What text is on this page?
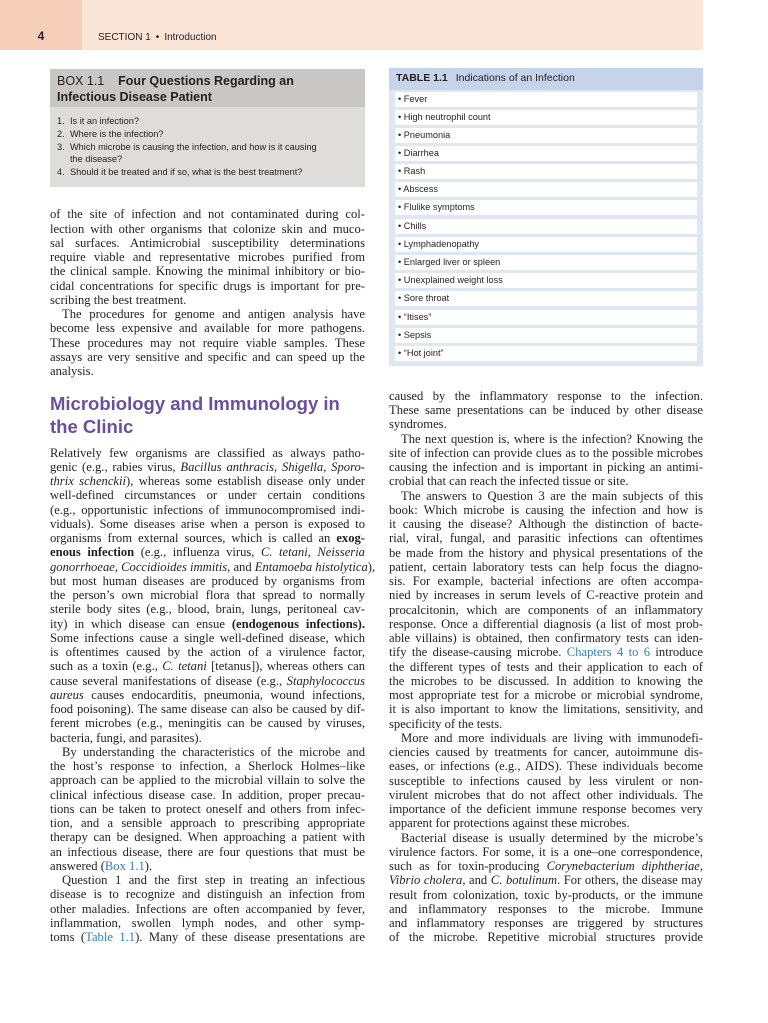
4	SECTION 1 • Introduction
BOX 1.1 Four Questions Regarding an
Infectious Disease Patient
1. Is it an infection?
2. Where is the infection?
3. Which microbe is causing the infection, and how is it causing
the disease?
4. Should it be treated and if so, what is the best treatment?
TABLE 1.1 Indications of an Infection
• Fever
• High neutrophil count
• Pneumonia
• Diarrhea
• Rash
• Abscess
• Flulike symptoms
• Chills
• Lymphadenopathy
• Enlarged liver or spleen
• Unexplained weight loss
• Sore throat
• “Itises”
• Sepsis
• “Hot joint”
of the site of infection and not contaminated during col-
lection with other organisms that colonize skin and muco-
sal surfaces. Antimicrobial susceptibility determinations
require viable and representative microbes purified from
the clinical sample. Knowing the minimal inhibitory or bio-
cidal concentrations for specific drugs is important for pre-
scribing the best treatment.
The procedures for genome and antigen analysis have
become less expensive and available for more pathogens.
These procedures may not require viable samples. These
assays are very sensitive and specific and can speed up the
analysis.
Microbiology and Immunology in
the Clinic
Relatively few organisms are classified as always patho-
genic (e.g., rabies virus, Bacillus anthracis, Shigella, Sporo-
thrix schenckii), whereas some establish disease only under
well-defined circumstances or under certain conditions
(e.g., opportunistic infections of immunocompromised indi-
viduals). Some diseases arise when a person is exposed to
organisms from external sources, which is called an exog-
enous infection (e.g., influenza virus, C. tetani, Neisseria
gonorrhoeae, Coccidioides immitis, and Entamoeba histolytica),
but most human diseases are produced by organisms from
the person’s own microbial flora that spread to normally
sterile body sites (e.g., blood, brain, lungs, peritoneal cav-
ity) in which disease can ensue (endogenous infections).
Some infections cause a single well-defined disease, which
is oftentimes caused by the action of a virulence factor,
such as a toxin (e.g., C. tetani [tetanus]), whereas others can
cause several manifestations of disease (e.g., Staphylococcus
aureus causes endocarditis, pneumonia, wound infections,
food poisoning). The same disease can also be caused by dif-
ferent microbes (e.g., meningitis can be caused by viruses,
bacteria, fungi, and parasites).
By understanding the characteristics of the microbe and
the host’s response to infection, a Sherlock Holmes–like
approach can be applied to the microbial villain to solve the
clinical infectious disease case. In addition, proper precau-
tions can be taken to protect oneself and others from infec-
tion, and a sensible approach to prescribing appropriate
therapy can be designed. When approaching a patient with
an infectious disease, there are four questions that must be
answered (Box 1.1).
Question 1 and the first step in treating an infectious
disease is to recognize and distinguish an infection from
other maladies. Infections are often accompanied by fever,
inflammation, swollen lymph nodes, and other symp-
toms (Table 1.1). Many of these disease presentations are
caused by the inflammatory response to the infection.
These same presentations can be induced by other disease
syndromes.
The next question is, where is the infection? Knowing the
site of infection can provide clues as to the possible microbes
causing the infection and is important in picking an antimi-
crobial that can reach the infected tissue or site.
The answers to Question 3 are the main subjects of this
book: Which microbe is causing the infection and how is
it causing the disease? Although the distinction of bacte-
rial, viral, fungal, and parasitic infections can oftentimes
be made from the history and physical presentations of the
patient, certain laboratory tests can help focus the diagno-
sis. For example, bacterial infections are often accompa-
nied by increases in serum levels of C-reactive protein and
procalcitonin, which are components of an inflammatory
response. Once a differential diagnosis (a list of most prob-
able villains) is obtained, then confirmatory tests can iden-
tify the disease-causing microbe. Chapters 4 to 6 introduce
the different types of tests and their application to each of
the microbes to be discussed. In addition to knowing the
most appropriate test for a microbe or microbial syndrome,
it is also important to know the limitations, sensitivity, and
specificity of the tests.
More and more individuals are living with immunodefi-
ciencies caused by treatments for cancer, autoimmune dis-
eases, or infections (e.g., AIDS). These individuals become
susceptible to infections caused by less virulent or non-
virulent microbes that do not affect other individuals. The
importance of the deficient immune response becomes very
apparent for protections against these microbes.
Bacterial disease is usually determined by the microbe’s
virulence factors. For some, it is a one–one correspondence,
such as for toxin-producing Corynebacterium diphtheriae,
Vibrio cholera, and C. botulinum. For others, the disease may
result from colonization, toxic by-products, or the immune
and inflammatory responses to the microbe. Immune
and inflammatory responses are triggered by structures
of the microbe. Repetitive microbial structures provide
